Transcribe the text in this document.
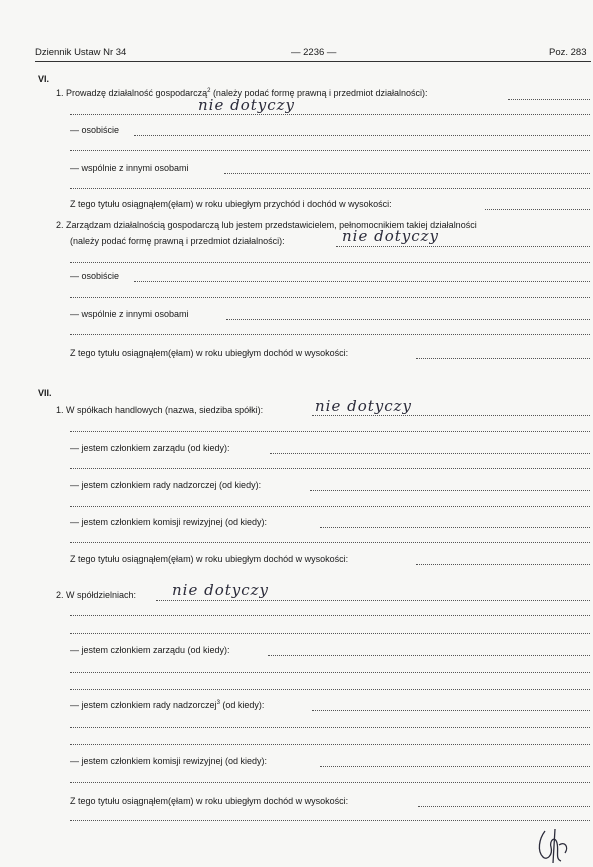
Dziennik Ustaw Nr 34	— 2236 —	Poz. 283
VI.
1. Prowadzę działalność gospodarczą$^2$ (należy podać formę prawną i przedmiot działalności):
nie dotyczy
— osobiście
— wspólnie z innymi osobami
Z tego tytułu osiągnąłem(ęłam) w roku ubiegłym przychód i dochód w wysokości:
2. Zarządzam działalnością gospodarczą lub jestem przedstawicielem, pełnomocnikiem takiej działalności
(należy podać formę prawną i przedmiot działalności):	nie dotyczy
— osobiście
— wspólnie z innymi osobami
Z tego tytułu osiągnąłem(ęłam) w roku ubiegłym dochód w wysokości:
VII.
1. W spółkach handlowych (nazwa, siedziba spółki):	nie dotyczy
— jestem członkiem zarządu (od kiedy):
— jestem członkiem rady nadzorczej (od kiedy):
— jestem członkiem komisji rewizyjnej (od kiedy):
Z tego tytułu osiągnąłem(ęłam) w roku ubiegłym dochód w wysokości:
2. W spółdzielniach: nie dotyczy
— jestem członkiem zarządu (od kiedy):
— jestem członkiem rady nadzorczej$^3$ (od kiedy):
— jestem członkiem komisji rewizyjnej (od kiedy):
Z tego tytułu osiągnąłem(ęłam) w roku ubiegłym dochód w wysokości:
